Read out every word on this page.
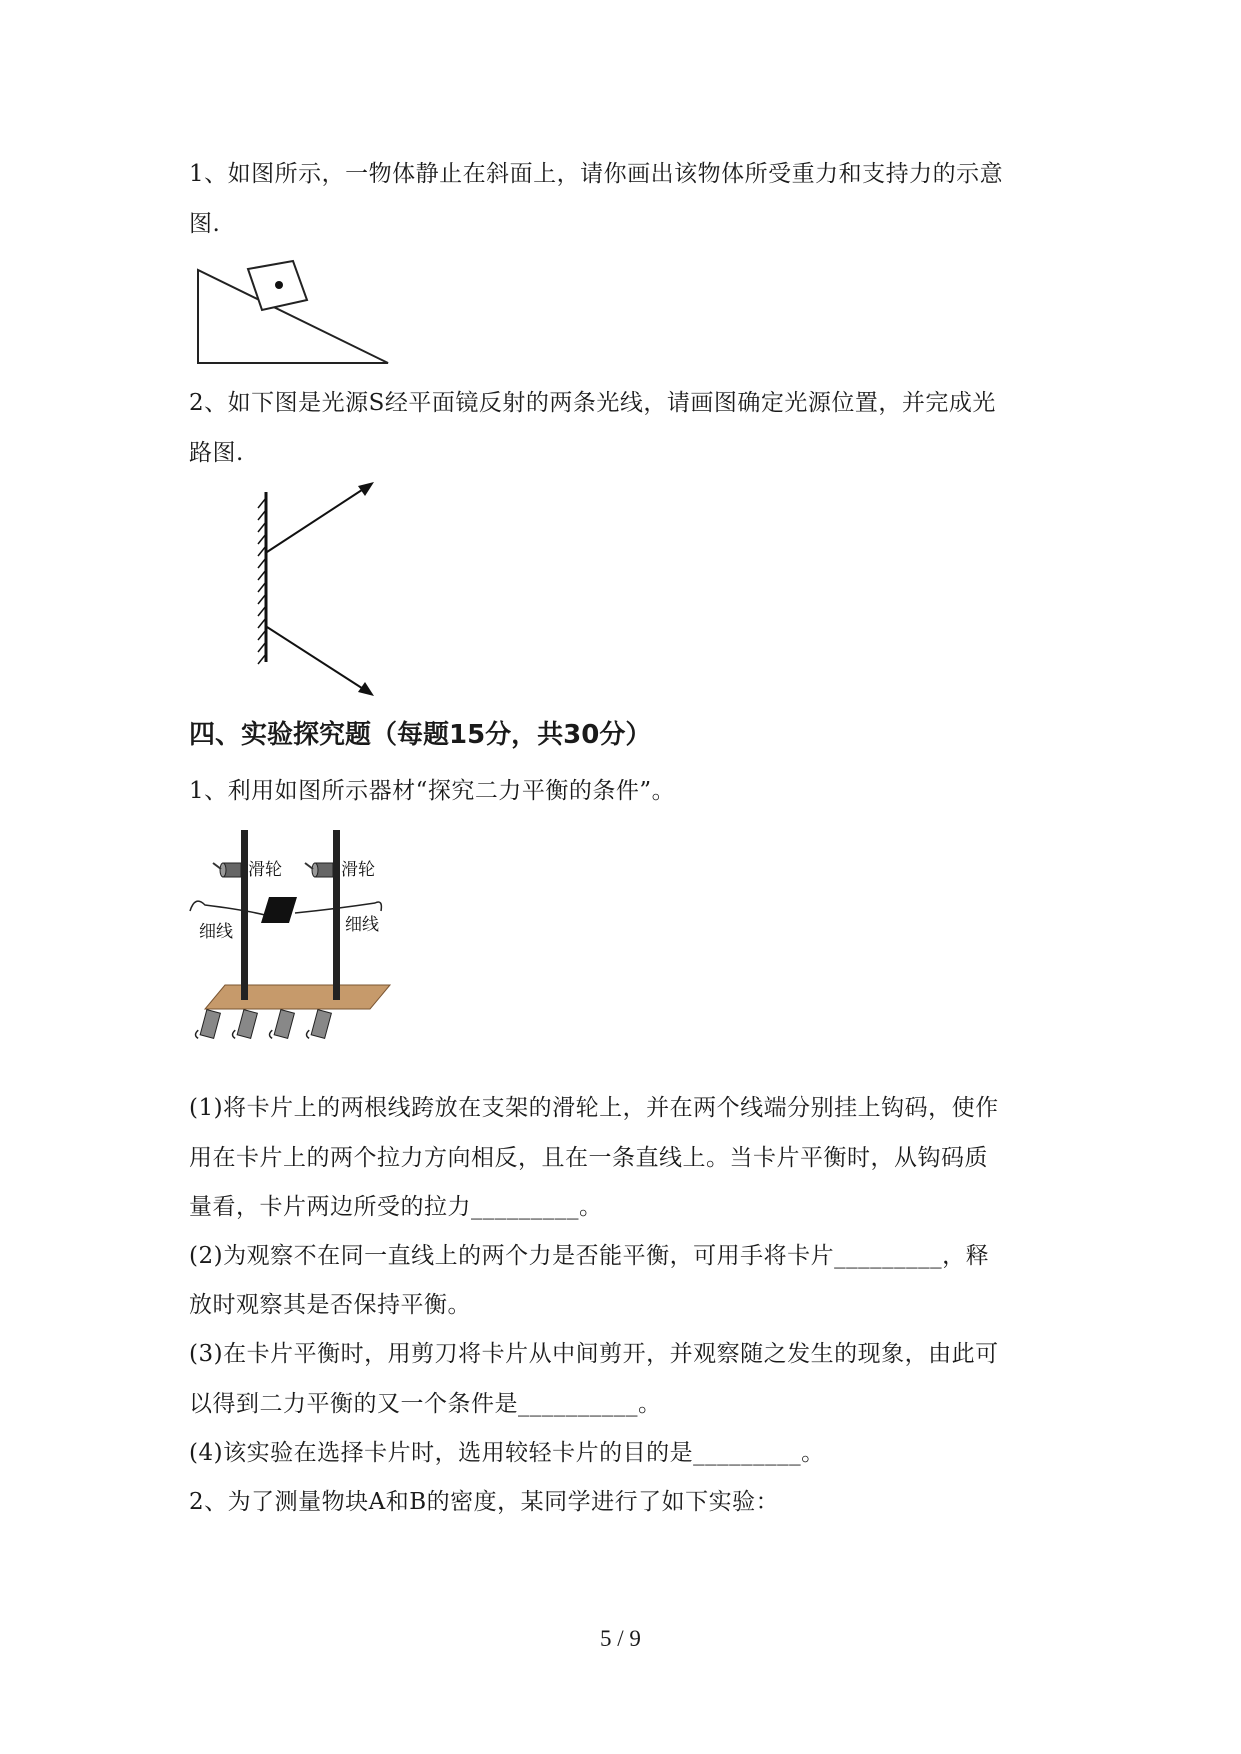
1、如图所示，一物体静止在斜面上，请你画出该物体所受重力和支持力的示意
图.
2、如下图是光源S经平面镜反射的两条光线，请画图确定光源位置，并完成光
路图.
四、实验探究题（每题15分，共30分）
1、利用如图所示器材“探究二力平衡的条件”。
滑轮	滑轮
细线	细线
(1)将卡片上的两根线跨放在支架的滑轮上，并在两个线端分别挂上钩码，使作
用在卡片上的两个拉力方向相反，且在一条直线上。当卡片平衡时，从钩码质
量看，卡片两边所受的拉力_________。
(2)为观察不在同一直线上的两个力是否能平衡，可用手将卡片_________，释
放时观察其是否保持平衡。
(3)在卡片平衡时，用剪刀将卡片从中间剪开，并观察随之发生的现象，由此可
以得到二力平衡的又一个条件是__________。
(4)该实验在选择卡片时，选用较轻卡片的目的是_________。
2、为了测量物块A和B的密度，某同学进行了如下实验：
5 / 9
